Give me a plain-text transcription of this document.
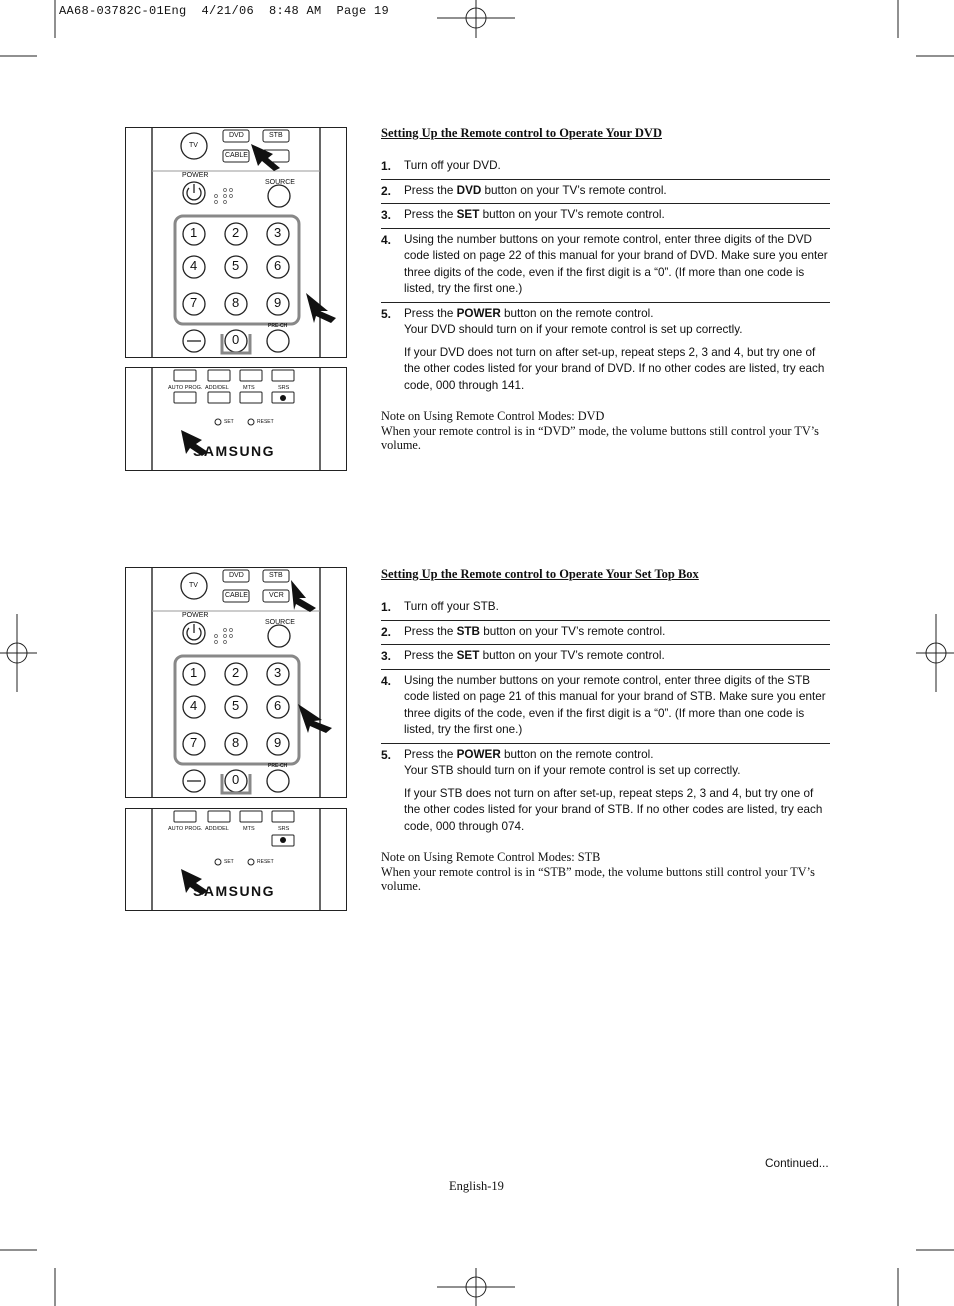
AA68-03782C-01Eng  4/21/06  8:48 AM  Page 19
DVD	STB
CABLE
TV
POWER
SOURCE
1	2	3
4	5	6
7	8	9
0
PRE-CH
AUTO PROG. ADD/DEL	MTS	SRS
SET	RESET
SAMSUNG
Setting Up the Remote control to Operate Your DVD
1. Turn off your DVD.
2. Press the DVD button on your TV’s remote control.
3. Press the SET button on your TV’s remote control.
4. Using the number buttons on your remote control, enter three digits of the DVD code listed on page 22 of this manual for your brand of DVD. Make sure you enter three digits of the code, even if the first digit is a “0”. (If more than one code is listed, try the first one.)
5. Press the POWER button on the remote control.

Your DVD should turn on if your remote control is set up correctly.

If your DVD does not turn on after set-up, repeat steps 2, 3 and 4, but try one of the other codes listed for your brand of DVD. If no other codes are listed, try each code, 000 through 141.

Note on Using Remote Control Modes: DVD
When your remote control is in “DVD” mode, the volume buttons still control your TV’s volume.
DVD	STB
CABLE	VCR
TV
POWER
SOURCE
1	2	3
4	5	6
7	8	9
0
PRE-CH
AUTO PROG. ADD/DEL	MTS	SRS
SET	RESET
SAMSUNG
Setting Up the Remote control to Operate Your Set Top Box
1. Turn off your STB.
2. Press the STB button on your TV’s remote control.
3. Press the SET button on your TV’s remote control.
4. Using the number buttons on your remote control, enter three digits of the STB code listed on page 21 of this manual for your brand of STB. Make sure you enter three digits of the code, even if the first digit is a “0”. (If more than one code is listed, try the first one.)
5. Press the POWER button on the remote control.

Your STB should turn on if your remote control is set up correctly.

If your STB does not turn on after set-up, repeat steps 2, 3 and 4, but try one of the other codes listed for your brand of STB. If no other codes are listed, try each code, 000 through 074.

Note on Using Remote Control Modes: STB
When your remote control is in “STB” mode, the volume buttons still control your TV’s volume.
Continued...
English-19
